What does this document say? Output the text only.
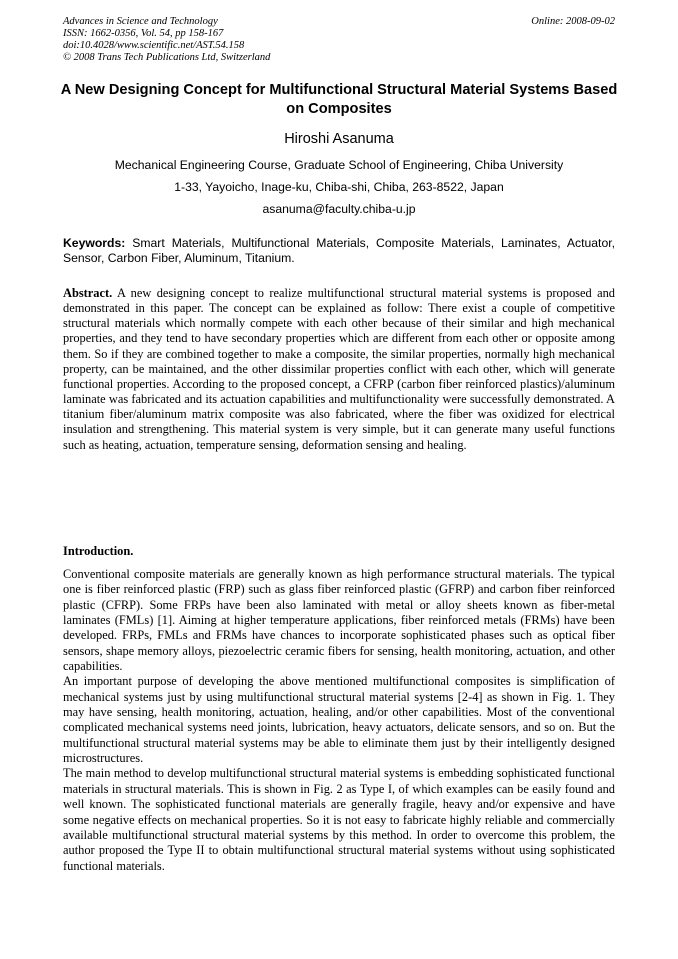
Advances in Science and Technology
ISSN: 1662-0356, Vol. 54, pp 158-167
doi:10.4028/www.scientific.net/AST.54.158
© 2008 Trans Tech Publications Ltd, Switzerland
Online: 2008-09-02
A New Designing Concept for Multifunctional Structural Material Systems Based on Composites
Hiroshi Asanuma
Mechanical Engineering Course, Graduate School of Engineering, Chiba University
1-33, Yayoicho, Inage-ku, Chiba-shi, Chiba, 263-8522, Japan
asanuma@faculty.chiba-u.jp
Keywords: Smart Materials, Multifunctional Materials, Composite Materials, Laminates, Actuator, Sensor, Carbon Fiber, Aluminum, Titanium.
Abstract. A new designing concept to realize multifunctional structural material systems is proposed and demonstrated in this paper. The concept can be explained as follow: There exist a couple of competitive structural materials which normally compete with each other because of their similar and high mechanical properties, and they tend to have secondary properties which are different from each other or opposite among them. So if they are combined together to make a composite, the similar properties, normally high mechanical property, can be maintained, and the other dissimilar properties conflict with each other, which will generate functional properties. According to the proposed concept, a CFRP (carbon fiber reinforced plastics)/aluminum laminate was fabricated and its actuation capabilities and multifunctionality were successfully demonstrated. A titanium fiber/aluminum matrix composite was also fabricated, where the fiber was oxidized for electrical insulation and strengthening. This material system is very simple, but it can generate many useful functions such as heating, actuation, temperature sensing, deformation sensing and healing.
Introduction.

Conventional composite materials are generally known as high performance structural materials. The typical one is fiber reinforced plastic (FRP) such as glass fiber reinforced plastic (GFRP) and carbon fiber reinforced plastic (CFRP). Some FRPs have been also laminated with metal or alloy sheets known as fiber-metal laminates (FMLs) [1]. Aiming at higher temperature applications, fiber reinforced metals (FRMs) have been developed. FRPs, FMLs and FRMs have chances to incorporate sophisticated phases such as optical fiber sensors, shape memory alloys, piezoelectric ceramic fibers for sensing, health monitoring, actuation, and other capabilities.

An important purpose of developing the above mentioned multifunctional composites is simplification of mechanical systems just by using multifunctional structural material systems [2-4] as shown in Fig. 1. They may have sensing, health monitoring, actuation, healing, and/or other capabilities. Most of the conventional complicated mechanical systems need joints, lubrication, heavy actuators, delicate sensors, and so on. But the multifunctional structural material systems may be able to eliminate them just by their intelligently designed microstructures.

The main method to develop multifunctional structural material systems is embedding sophisticated functional materials in structural materials. This is shown in Fig. 2 as Type I, of which examples can be easily found and well known. The sophisticated functional materials are generally fragile, heavy and/or expensive and have some negative effects on mechanical properties. So it is not easy to fabricate highly reliable and commercially available multifunctional structural material systems by this method. In order to overcome this problem, the author proposed the Type II to obtain multifunctional structural material systems without using sophisticated functional materials.
